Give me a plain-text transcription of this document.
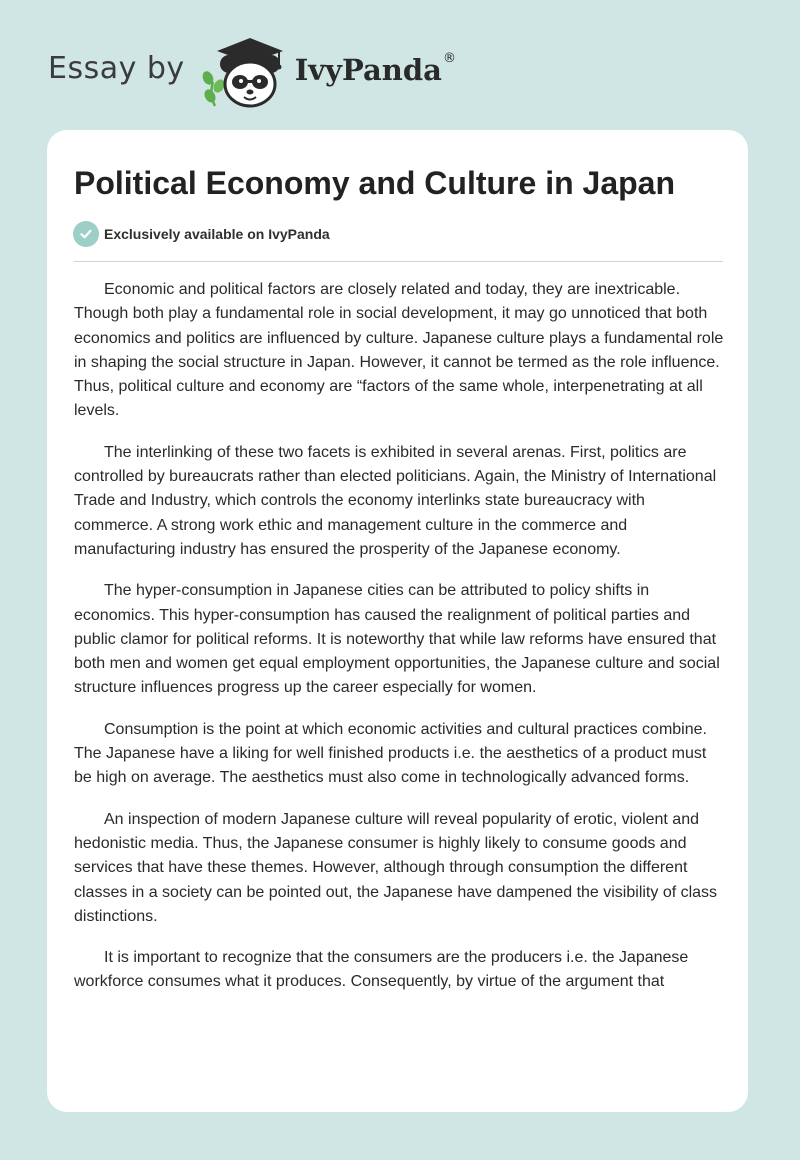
Essay by	IvyPanda ®
Political Economy and Culture in Japan
Exclusively available on IvyPanda

Economic and political factors are closely related and today, they are inextricable. Though both play a fundamental role in social development, it may go unnoticed that both economics and politics are influenced by culture. Japanese culture plays a fundamental role in shaping the social structure in Japan. However, it cannot be termed as the role influence. Thus, political culture and economy are “factors of the same whole, interpenetrating at all levels.

The interlinking of these two facets is exhibited in several arenas. First, politics are controlled by bureaucrats rather than elected politicians. Again, the Ministry of International Trade and Industry, which controls the economy interlinks state bureaucracy with commerce. A strong work ethic and management culture in the commerce and manufacturing industry has ensured the prosperity of the Japanese economy.

The hyper-consumption in Japanese cities can be attributed to policy shifts in economics. This hyper-consumption has caused the realignment of political parties and public clamor for political reforms. It is noteworthy that while law reforms have ensured that both men and women get equal employment opportunities, the Japanese culture and social structure influences progress up the career especially for women.

Consumption is the point at which economic activities and cultural practices combine. The Japanese have a liking for well finished products i.e. the aesthetics of a product must be high on average. The aesthetics must also come in technologically advanced forms.

An inspection of modern Japanese culture will reveal popularity of erotic, violent and hedonistic media. Thus, the Japanese consumer is highly likely to consume goods and services that have these themes. However, although through consumption the different classes in a society can be pointed out, the Japanese have dampened the visibility of class distinctions.

It is important to recognize that the consumers are the producers i.e. the Japanese workforce consumes what it produces. Consequently, by virtue of the argument that
